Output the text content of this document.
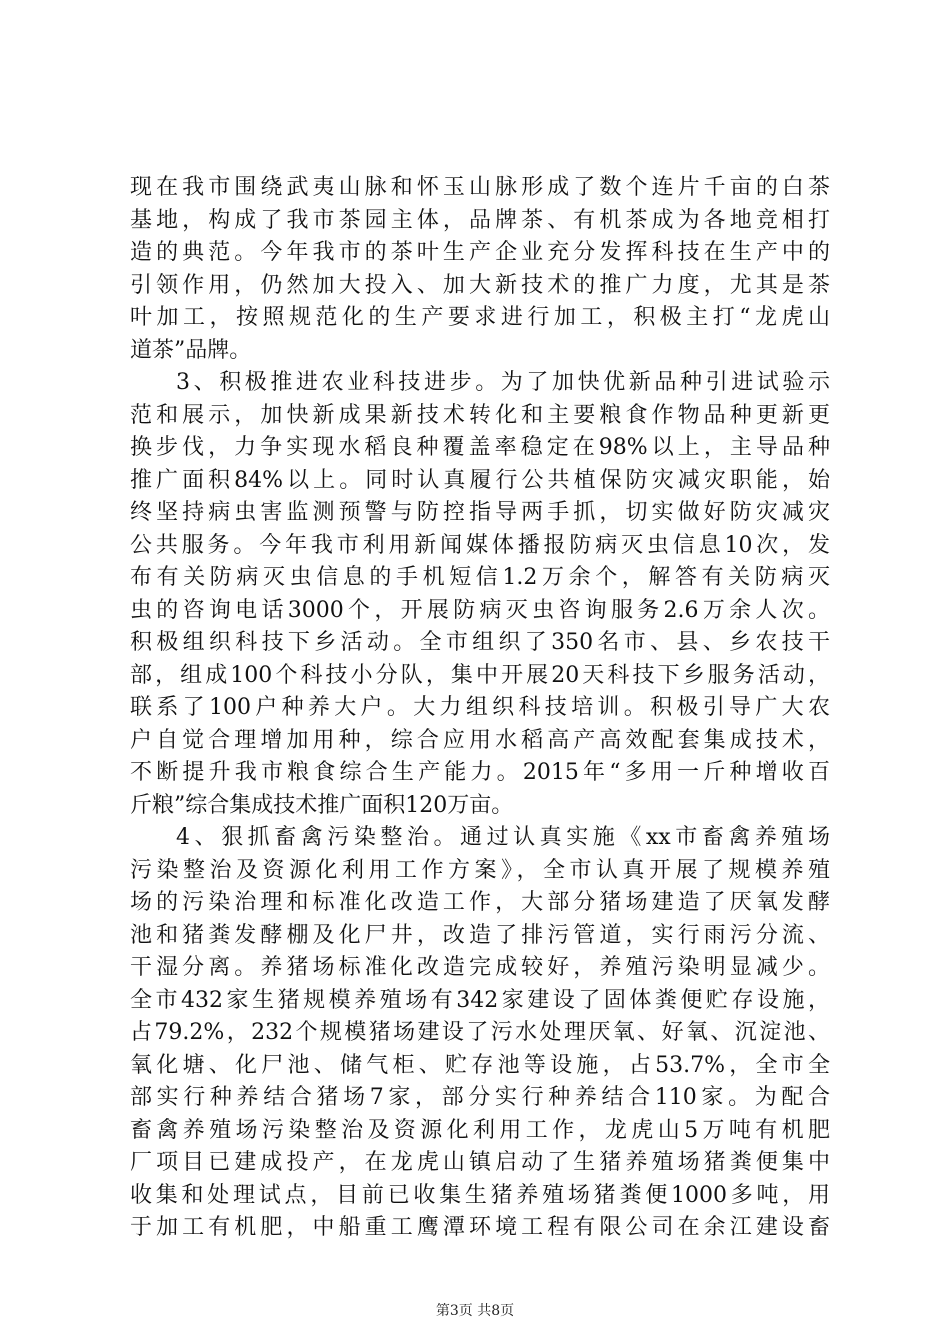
现在我市围绕武夷山脉和怀玉山脉形成了数个连片千亩的白茶
基地，构成了我市茶园主体，品牌茶、有机茶成为各地竞相打
造的典范。今年我市的茶叶生产企业充分发挥科技在生产中的
引领作用，仍然加大投入、加大新技术的推广力度，尤其是茶
叶加工，按照规范化的生产要求进行加工，积极主打“龙虎山
道茶”品牌。
3、积极推进农业科技进步。为了加快优新品种引进试验示
范和展示，加快新成果新技术转化和主要粮食作物品种更新更
换步伐，力争实现水稻良种覆盖率稳定在98%以上，主导品种
推广面积84%以上。同时认真履行公共植保防灾减灾职能，始
终坚持病虫害监测预警与防控指导两手抓，切实做好防灾减灾
公共服务。今年我市利用新闻媒体播报防病灭虫信息10次，发
布有关防病灭虫信息的手机短信1.2万余个，解答有关防病灭
虫的咨询电话3000个，开展防病灭虫咨询服务2.6万余人次。
积极组织科技下乡活动。全市组织了350名市、县、乡农技干
部，组成100个科技小分队，集中开展20天科技下乡服务活动，
联系了100户种养大户。大力组织科技培训。积极引导广大农
户自觉合理增加用种，综合应用水稻高产高效配套集成技术，
不断提升我市粮食综合生产能力。2015年“多用一斤种增收百
斤粮”综合集成技术推广面积120万亩。
4、狠抓畜禽污染整治。通过认真实施《xx市畜禽养殖场
污染整治及资源化利用工作方案》，全市认真开展了规模养殖
场的污染治理和标准化改造工作，大部分猪场建造了厌氧发酵
池和猪粪发酵棚及化尸井，改造了排污管道，实行雨污分流、
干湿分离。养猪场标准化改造完成较好，养殖污染明显减少。
全市432家生猪规模养殖场有342家建设了固体粪便贮存设施，
占79.2%，232个规模猪场建设了污水处理厌氧、好氧、沉淀池、
氧化塘、化尸池、储气柜、贮存池等设施，占53.7%，全市全
部实行种养结合猪场7家，部分实行种养结合110家。为配合
畜禽养殖场污染整治及资源化利用工作，龙虎山5万吨有机肥
厂项目已建成投产，在龙虎山镇启动了生猪养殖场猪粪便集中
收集和处理试点，目前已收集生猪养殖场猪粪便1000多吨，用
于加工有机肥，中船重工鹰潭环境工程有限公司在余江建设畜
第3页 共8页
